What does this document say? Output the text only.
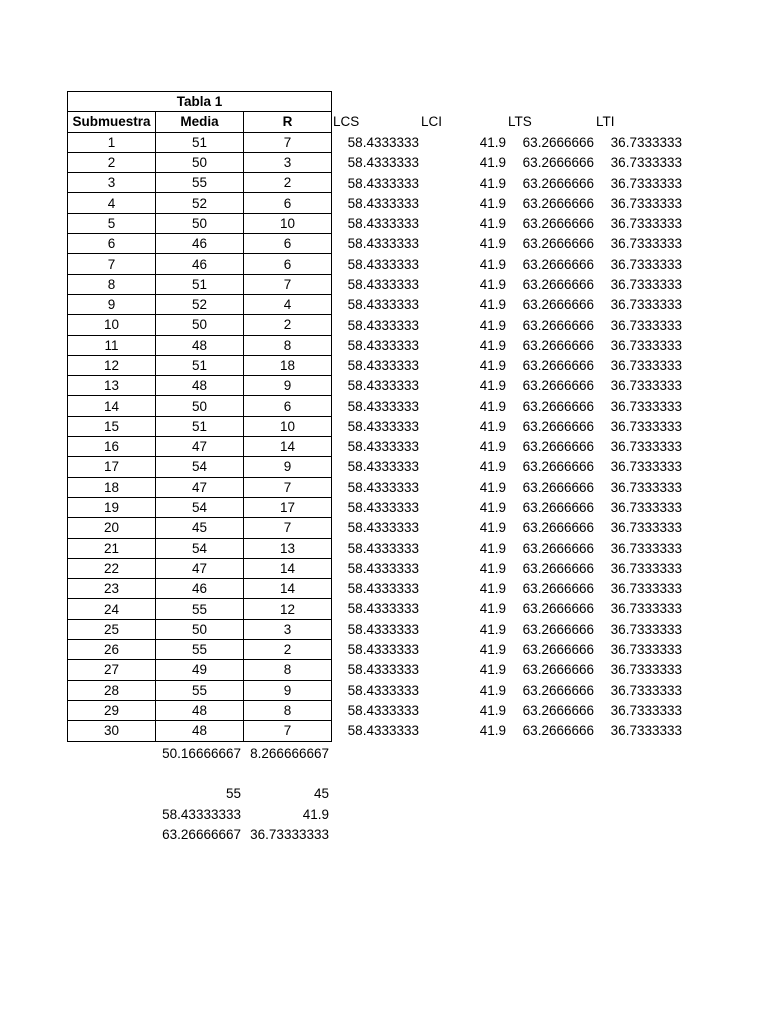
Tabla 1		
Submuestra	Media	R
1	51	7
2	50	3
3	55	2
4	52	6
5	50	10
6	46	6
7	46	6
8	51	7
9	52	4
10	50	2
11	48	8
12	51	18
13	48	9
14	50	6
15	51	10
16	47	14
17	54	9
18	47	7
19	54	17
20	45	7
21	54	13
22	47	14
23	46	14
24	55	12
25	50	3
26	55	2
27	49	8
28	55	9
29	48	8
30	48	7
LCS	LCI	LTS	LTI
58.4333333	41.9	63.2666666	36.7333333
58.4333333	41.9	63.2666666	36.7333333
58.4333333	41.9	63.2666666	36.7333333
58.4333333	41.9	63.2666666	36.7333333
58.4333333	41.9	63.2666666	36.7333333
58.4333333	41.9	63.2666666	36.7333333
58.4333333	41.9	63.2666666	36.7333333
58.4333333	41.9	63.2666666	36.7333333
58.4333333	41.9	63.2666666	36.7333333
58.4333333	41.9	63.2666666	36.7333333
58.4333333	41.9	63.2666666	36.7333333
58.4333333	41.9	63.2666666	36.7333333
58.4333333	41.9	63.2666666	36.7333333
58.4333333	41.9	63.2666666	36.7333333
58.4333333	41.9	63.2666666	36.7333333
58.4333333	41.9	63.2666666	36.7333333
58.4333333	41.9	63.2666666	36.7333333
58.4333333	41.9	63.2666666	36.7333333
58.4333333	41.9	63.2666666	36.7333333
58.4333333	41.9	63.2666666	36.7333333
58.4333333	41.9	63.2666666	36.7333333
58.4333333	41.9	63.2666666	36.7333333
58.4333333	41.9	63.2666666	36.7333333
58.4333333	41.9	63.2666666	36.7333333
58.4333333	41.9	63.2666666	36.7333333
58.4333333	41.9	63.2666666	36.7333333
58.4333333	41.9	63.2666666	36.7333333
58.4333333	41.9	63.2666666	36.7333333
58.4333333	41.9	63.2666666	36.7333333
58.4333333	41.9	63.2666666	36.7333333
50.16666667 8.266666667
55	45
58.43333333	41.9
63.26666667 36.73333333
